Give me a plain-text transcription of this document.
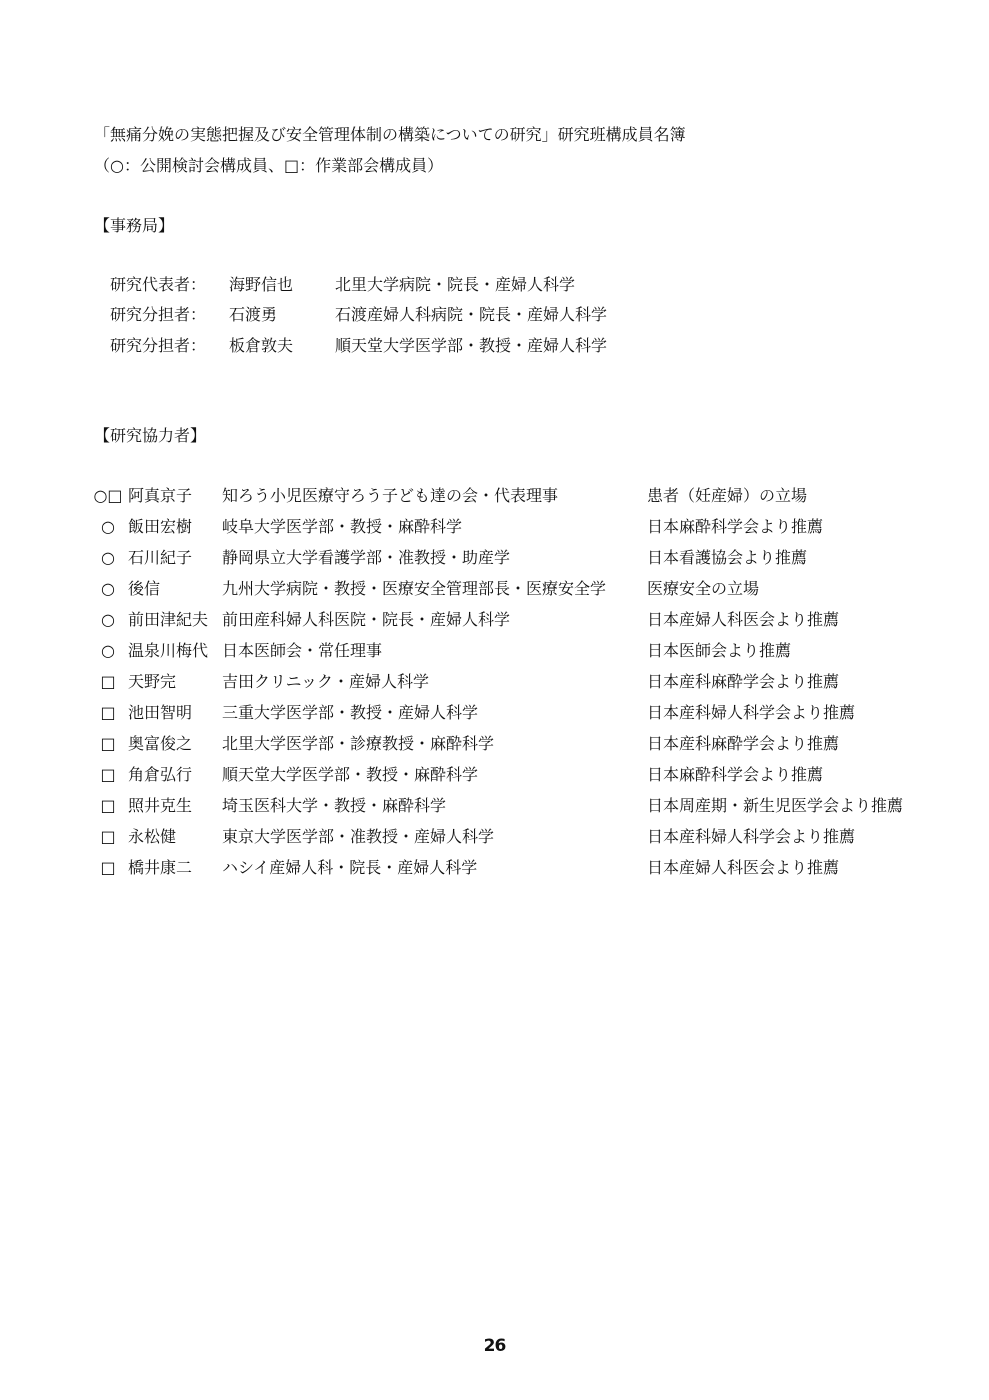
「無痛分娩の実態把握及び安全管理体制の構築についての研究」研究班構成員名簿
（○：公開検討会構成員、□：作業部会構成員）
【事務局】
研究代表者： 海野信也	北里大学病院・院長・産婦人科学
研究分担者： 石渡勇	石渡産婦人科病院・院長・産婦人科学
研究分担者： 板倉敦夫	順天堂大学医学部・教授・産婦人科学
【研究協力者】
○□ 阿真京子 知ろう小児医療守ろう子ども達の会・代表理事	患者（妊産婦）の立場
○ 飯田宏樹 岐阜大学医学部・教授・麻酔科学	日本麻酔科学会より推薦
○ 石川紀子 静岡県立大学看護学部・准教授・助産学	日本看護協会より推薦
○ 後信	九州大学病院・教授・医療安全管理部長・医療安全学	医療安全の立場
○ 前田津紀夫 前田産科婦人科医院・院長・産婦人科学	日本産婦人科医会より推薦
○ 温泉川梅代 日本医師会・常任理事	日本医師会より推薦
□ 天野完	吉田クリニック・産婦人科学	日本産科麻酔学会より推薦
□ 池田智明 三重大学医学部・教授・産婦人科学	日本産科婦人科学会より推薦
□ 奥富俊之 北里大学医学部・診療教授・麻酔科学	日本産科麻酔学会より推薦
□ 角倉弘行 順天堂大学医学部・教授・麻酔科学	日本麻酔科学会より推薦
□ 照井克生 埼玉医科大学・教授・麻酔科学	日本周産期・新生児医学会より推薦
□ 永松健	東京大学医学部・准教授・産婦人科学	日本産科婦人科学会より推薦
□ 橋井康二 ハシイ産婦人科・院長・産婦人科学	日本産婦人科医会より推薦
26
